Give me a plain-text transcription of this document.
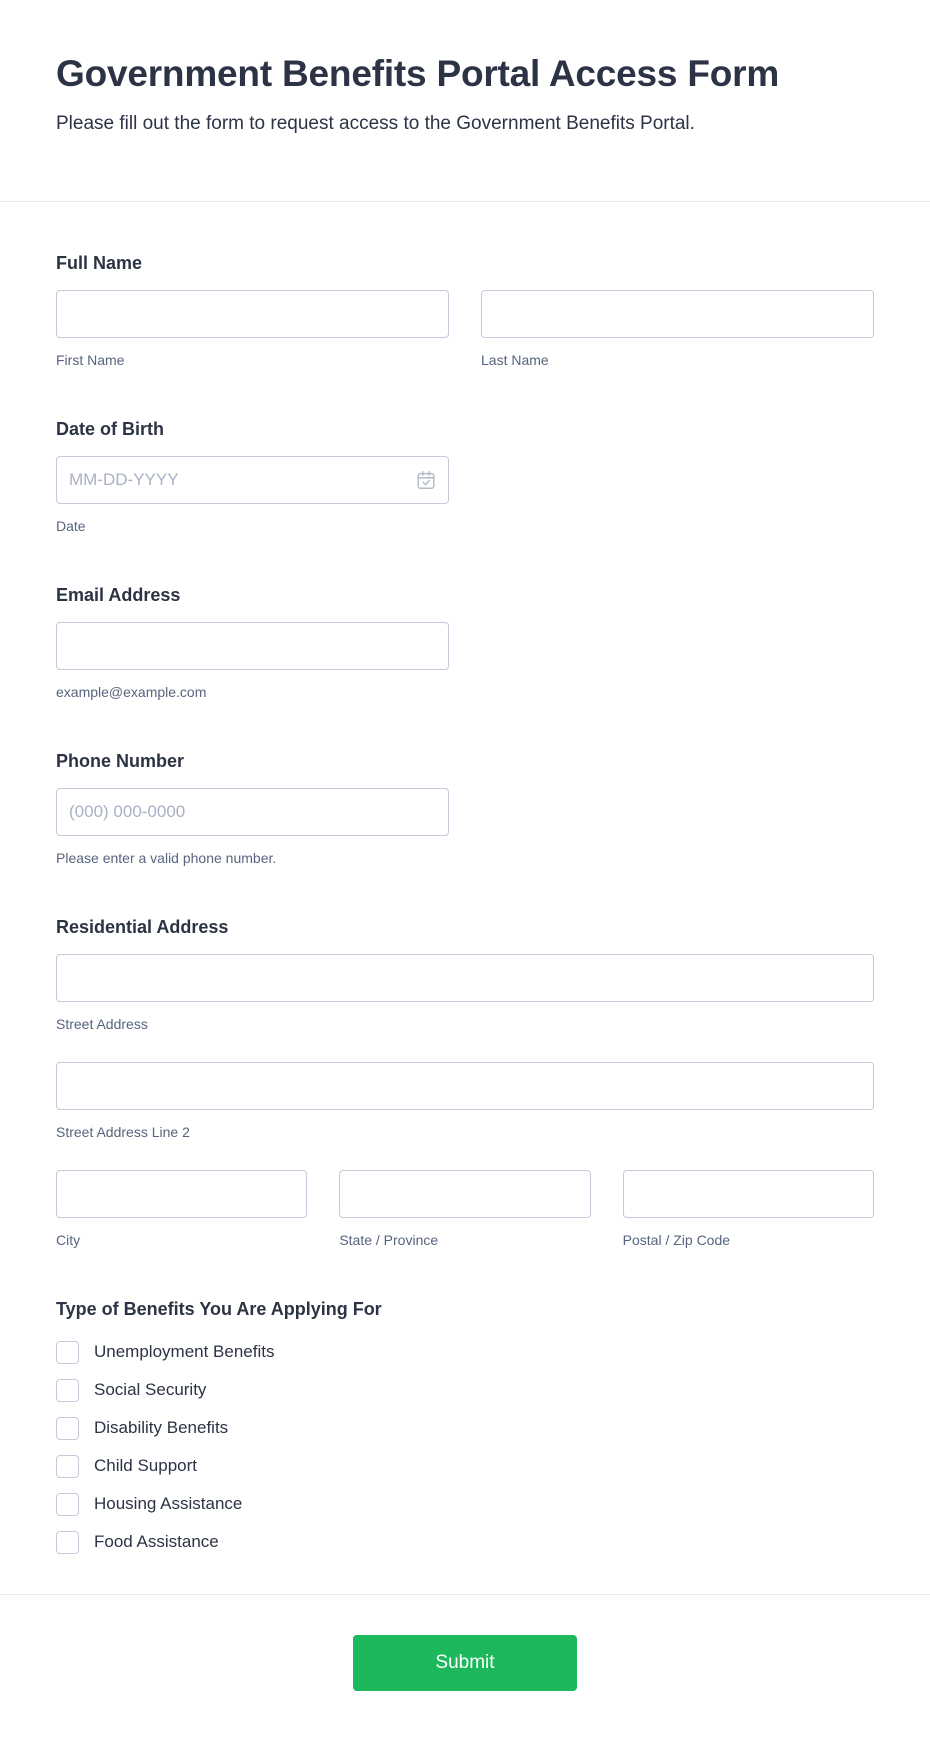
Government Benefits Portal Access Form

Please fill out the form to request access to the Government Benefits Portal.

Full Name
First Name	Last Name
Date of Birth
MM-DD-YYYY
Date
Email Address
example@example.com
Phone Number
(000) 000-0000
Please enter a valid phone number.
Residential Address
Street Address
Street Address Line 2
City	State / Province	Postal / Zip Code
Type of Benefits You Are Applying For
Unemployment Benefits
Social Security
Disability Benefits
Child Support
Housing Assistance
Food Assistance
Submit
